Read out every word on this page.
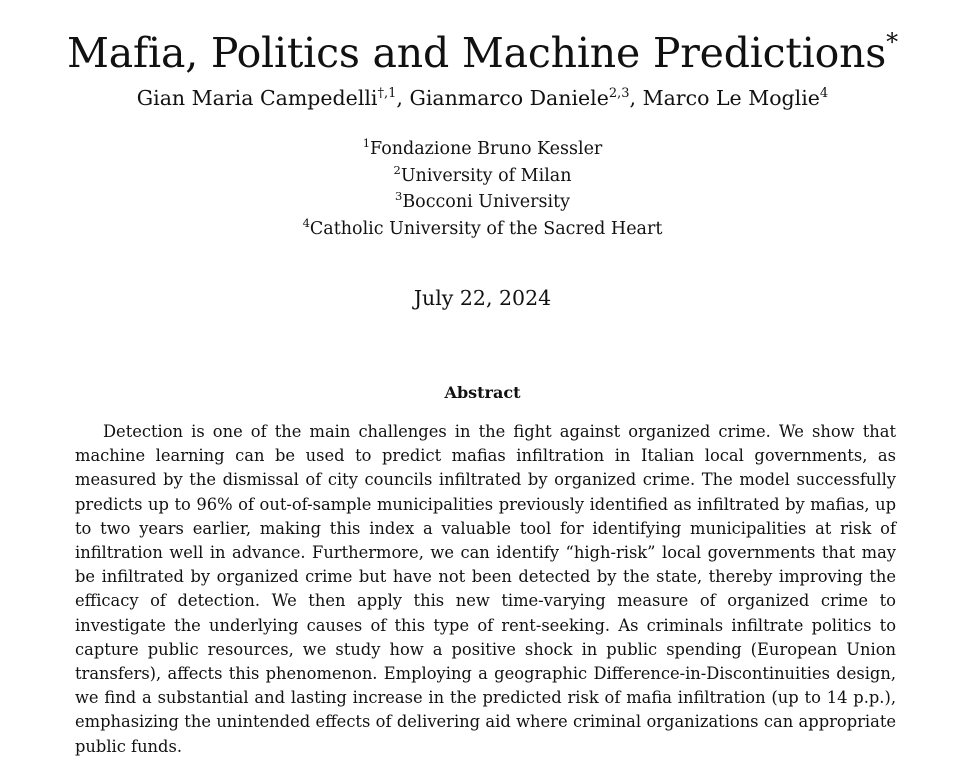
Mafia, Politics and Machine Predictions*
Gian Maria Campedelli$^{\dagger,1}$, Gianmarco Daniele$^{2,3}$, Marco Le Moglie$^4$
$^1$Fondazione Bruno Kessler
$^2$University of Milan
$^3$Bocconi University
$^4$Catholic University of the Sacred Heart
July 22, 2024
Abstract

Detection is one of the main challenges in the fight against organized crime. We show that machine learning can be used to predict mafias infiltration in Italian local governments, as measured by the dismissal of city councils infiltrated by organized crime. The model successfully predicts up to 96% of out-of-sample municipalities previously identified as infiltrated by mafias, up to two years earlier, making this index a valuable tool for identifying municipalities at risk of infiltration well in advance. Furthermore, we can identify “high-risk” local governments that may be infiltrated by organized crime but have not been detected by the state, thereby improving the efficacy of detection. We then apply this new time-varying measure of organized crime to investigate the underlying causes of this type of rent-seeking. As criminals infiltrate politics to capture public resources, we study how a positive shock in public spending (European Union transfers), affects this phenomenon. Employing a geographic Difference-in-Discontinuities design, we find a substantial and lasting increase in the predicted risk of mafia infiltration (up to 14 p.p.), emphasizing the unintended effects of delivering aid where criminal organizations can appropriate public funds.
